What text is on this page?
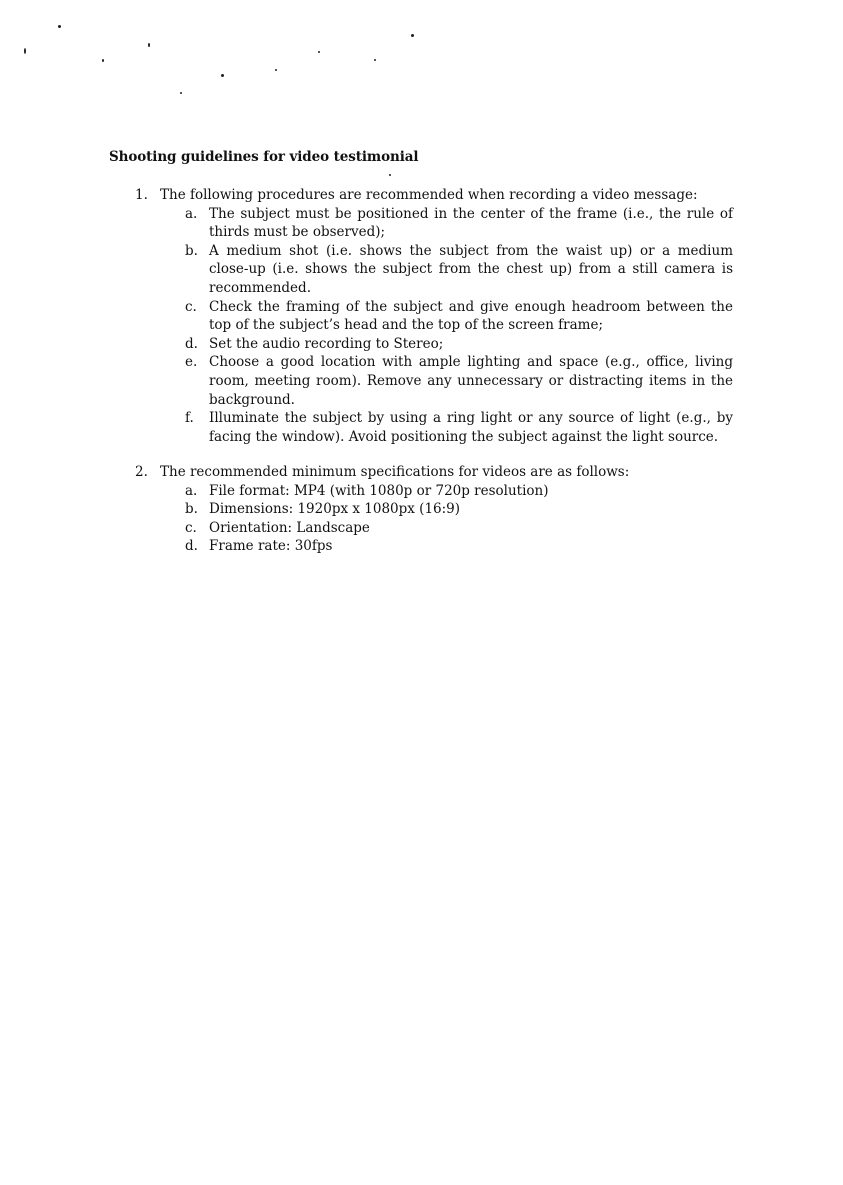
Shooting guidelines for video testimonial
1. The following procedures are recommended when recording a video message:
a. The subject must be positioned in the center of the frame (i.e., the rule of thirds must be observed);
b. A medium shot (i.e. shows the subject from the waist up) or a medium close-up (i.e. shows the subject from the chest up) from a still camera is recommended.
c. Check the framing of the subject and give enough headroom between the top of the subject’s head and the top of the screen frame;
d. Set the audio recording to Stereo;
e. Choose a good location with ample lighting and space (e.g., office, living room, meeting room). Remove any unnecessary or distracting items in the background.
f.	Illuminate the subject by using a ring light or any source of light (e.g., by facing the window). Avoid positioning the subject against the light source.
2. The recommended minimum specifications for videos are as follows:
a. File format: MP4 (with 1080p or 720p resolution)
b. Dimensions: 1920px x 1080px (16:9)
c. Orientation: Landscape
d. Frame rate: 30fps
